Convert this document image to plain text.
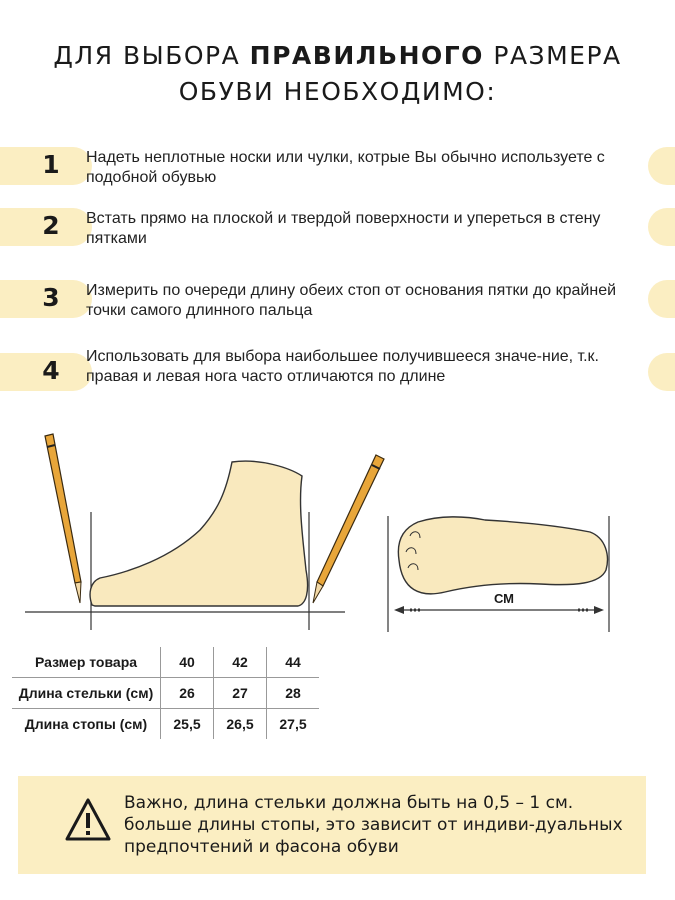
ДЛЯ ВЫБОРА ПРАВИЛЬНОГО РАЗМЕРА
ОБУВИ НЕОБХОДИМО:
1	Надеть неплотные носки или чулки, котрые Вы обычно используете с подобной обувью
2	Встать прямо на плоской и твердой поверхности и упереться в стену пятками
3	Измерить по очереди длину обеих стоп от основания пятки до крайней точки самого длинного пальца
4	Использовать для выбора наибольшее получившееся значе-ние, т.к. правая и левая нога часто отличаются по длине
СМ
Размер товара	40	42	44
Длина стельки (см)	26	27	28
Длина стопы (см)	25,5	26,5	27,5
Важно, длина стельки должна быть на 0,5 – 1 см. больше длины стопы, это зависит от индиви-дуальных предпочтений и фасона обуви
